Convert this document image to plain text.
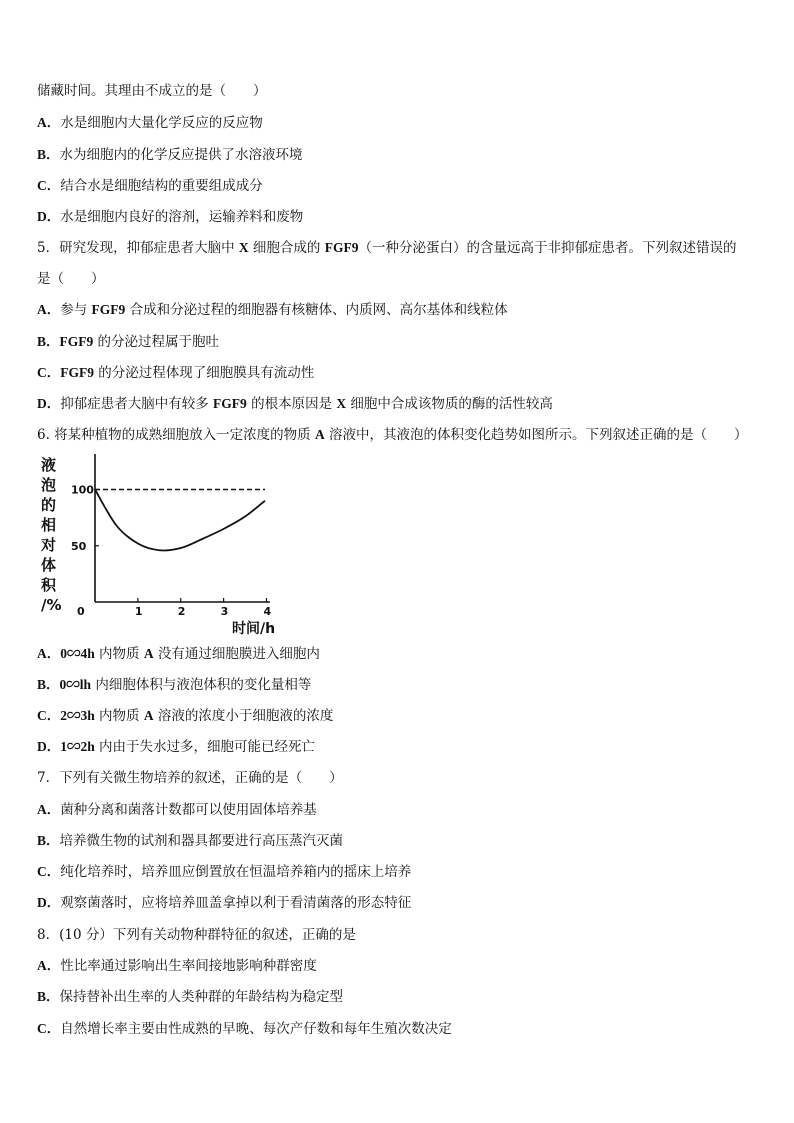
储藏时间。其理由不成立的是（　　）
A．水是细胞内大量化学反应的反应物
B．水为细胞内的化学反应提供了水溶液环境
C．结合水是细胞结构的重要组成成分
D．水是细胞内良好的溶剂，运输养料和废物
5．研究发现，抑郁症患者大脑中 X 细胞合成的 FGF9（一种分泌蛋白）的含量远高于非抑郁症患者。下列叙述错误的
是（　　）
A．参与 FGF9 合成和分泌过程的细胞器有核糖体、内质网、高尔基体和线粒体
B．FGF9 的分泌过程属于胞吐
C．FGF9 的分泌过程体现了细胞膜具有流动性
D．抑郁症患者大脑中有较多 FGF9 的根本原因是 X 细胞中合成该物质的酶的活性较高
6. 将某种植物的成熟细胞放入一定浓度的物质 A 溶液中，其液泡的体积变化趋势如图所示。下列叙述正确的是（　　）
A．0∽4h 内物质 A 没有通过细胞膜进入细胞内
B．0∽lh 内细胞体积与液泡体积的变化量相等
C．2∽3h 内物质 A 溶液的浓度小于细胞液的浓度
D．1∽2h 内由于失水过多，细胞可能已经死亡
7．下列有关微生物培养的叙述，正确的是（　　）
A．菌种分离和菌落计数都可以使用固体培养基
B．培养微生物的试剂和器具都要进行高压蒸汽灭菌
C．纯化培养时，培养皿应倒置放在恒温培养箱内的摇床上培养
D．观察菌落时，应将培养皿盖拿掉以利于看清菌落的形态特征
8．(10 分）下列有关动物种群特征的叙述，正确的是
A．性比率通过影响出生率间接地影响种群密度
B．保持替补出生率的人类种群的年龄结构为稳定型
C．自然增长率主要由性成熟的早晚、每次产仔数和每年生殖次数决定
液
泡
的
相
对
体
积
/% 0	1	2	3	4
100
50
时间/h
